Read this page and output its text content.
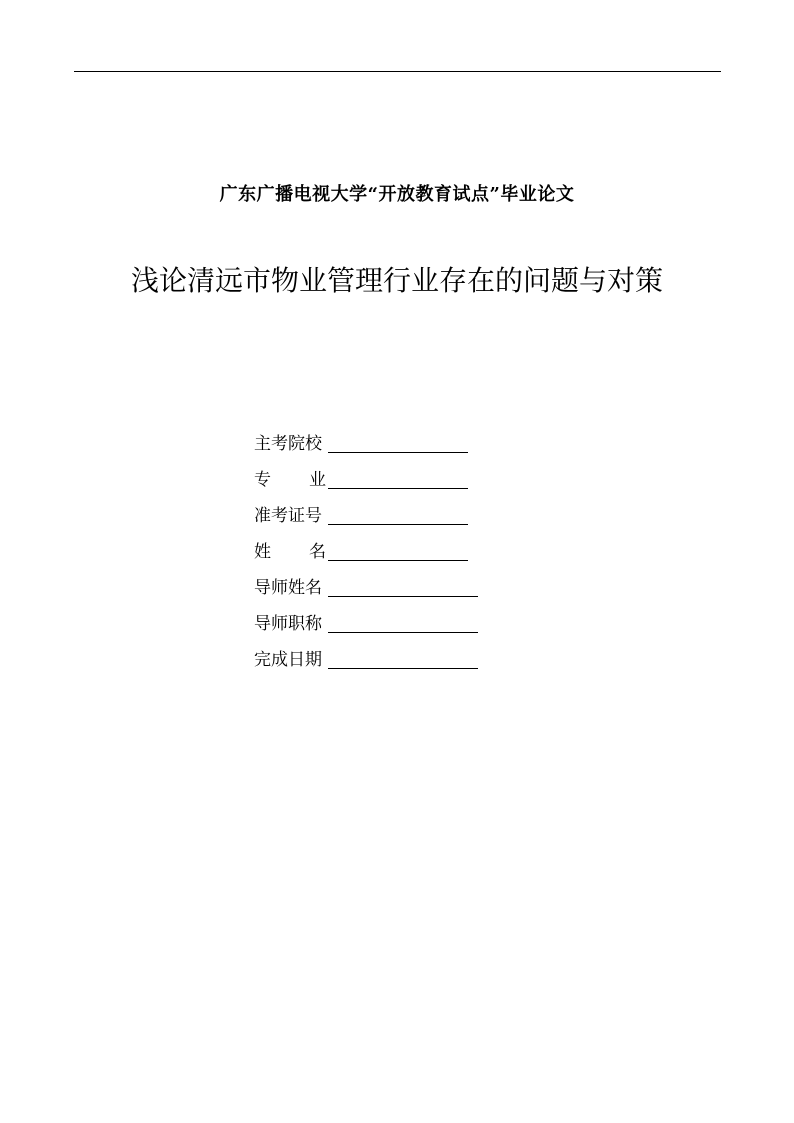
广东广播电视大学“开放教育试点”毕业论文
浅论清远市物业管理行业存在的问题与对策
主考院校
专 业
准考证号
姓 名
导师姓名
导师职称
完成日期
